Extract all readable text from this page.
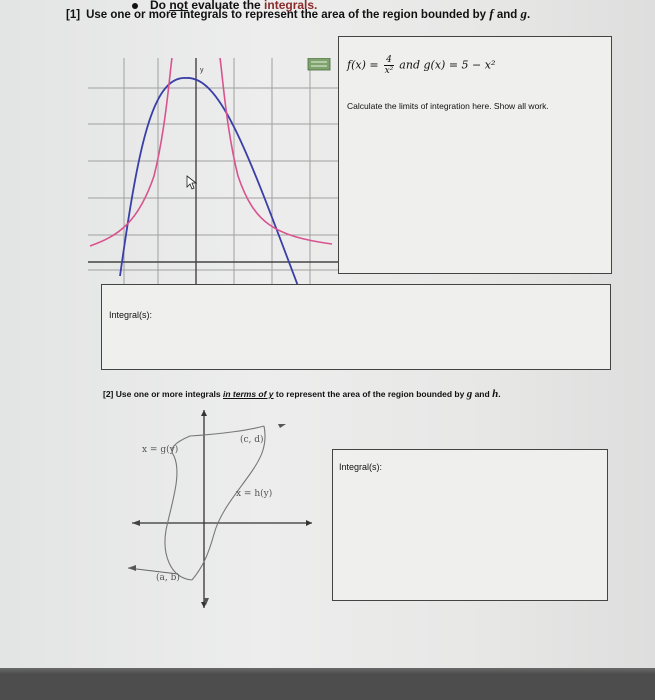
Do not evaluate the integrals.
[1] Use one or more integrals to represent the area of the region bounded by f and g.
y	$f(x) = \frac{4}{\text{x²}}$ and g(x) = 5 − x²
Calculate the limits of integration here. Show all work.
Integral(s):
[2] Use one or more integrals in terms of y to represent the area of the region bounded by g and h.
x = g(y)
(c, d)
x = h(y)
(a, b)
Integral(s):
